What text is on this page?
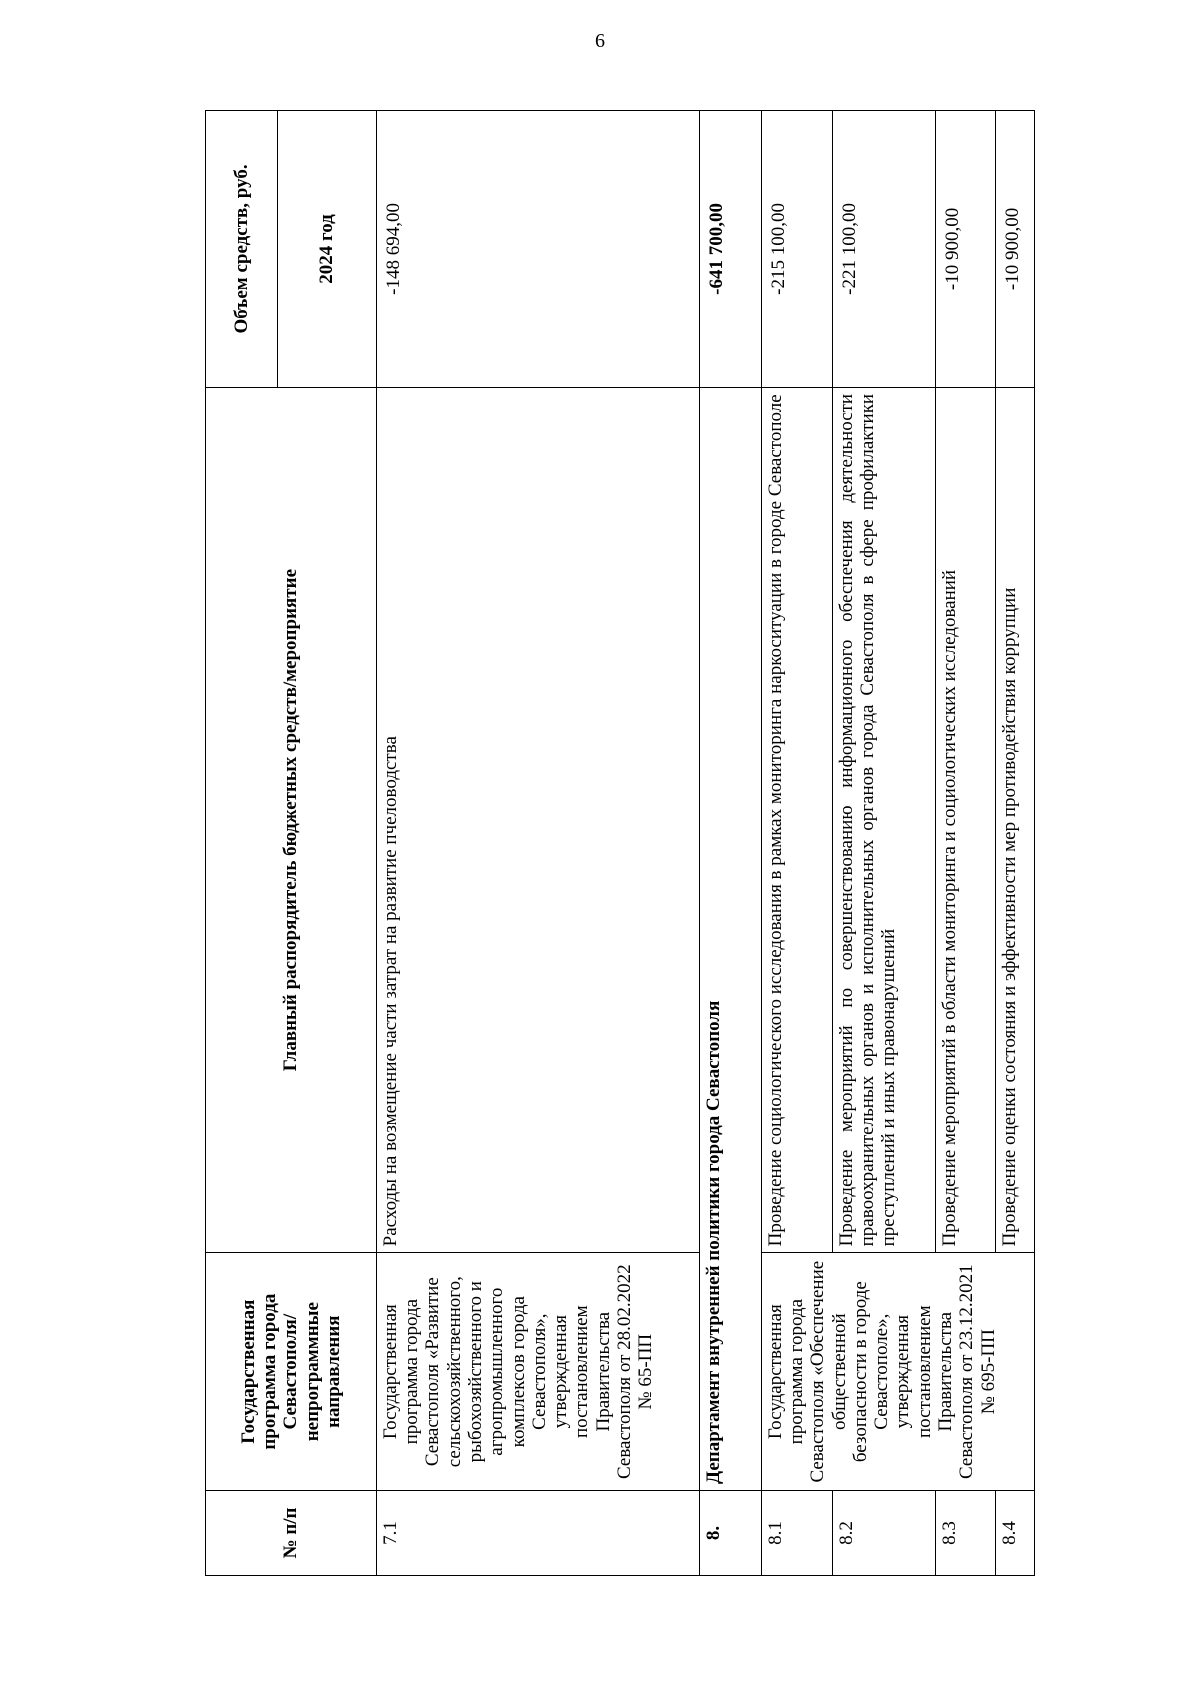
6
№ п/п	Государственная программа города Севастополя/ непрограммные направления	Главный распорядитель бюджетных средств/мероприятие	Объем средств, руб.
			2024 год
7.1	Государственная программа города Севастополя «Развитие сельскохозяйственного, рыбохозяйственного и агропромышленного комплексов города Севастополя», утвержденная постановлением Правительства Севастополя от 28.02.2022 № 65-ПП	Расходы на возмещение части затрат на развитие пчеловодства	-148 694,00
8.	Департамент внутренней политики города Севастополя		-641 700,00
8.1	Государственная программа города Севастополя «Обеспечение общественной безопасности в городе Севастополе», утвержденная постановлением Правительства Севастополя от 23.12.2021 № 695-ПП	Проведение социологического исследования в рамках мониторинга наркоситуации в городе Севастополе	-215 100,00
8.2		Проведение мероприятий по совершенствованию информационного обеспечения деятельности правоохранительных органов и исполнительных органов города Севастополя в сфере профилактики преступлений и иных правонарушений	-221 100,00
8.3		Проведение мероприятий в области мониторинга и социологических исследований	-10 900,00
8.4		Проведение оценки состояния и эффективности мер противодействия коррупции	-10 900,00
